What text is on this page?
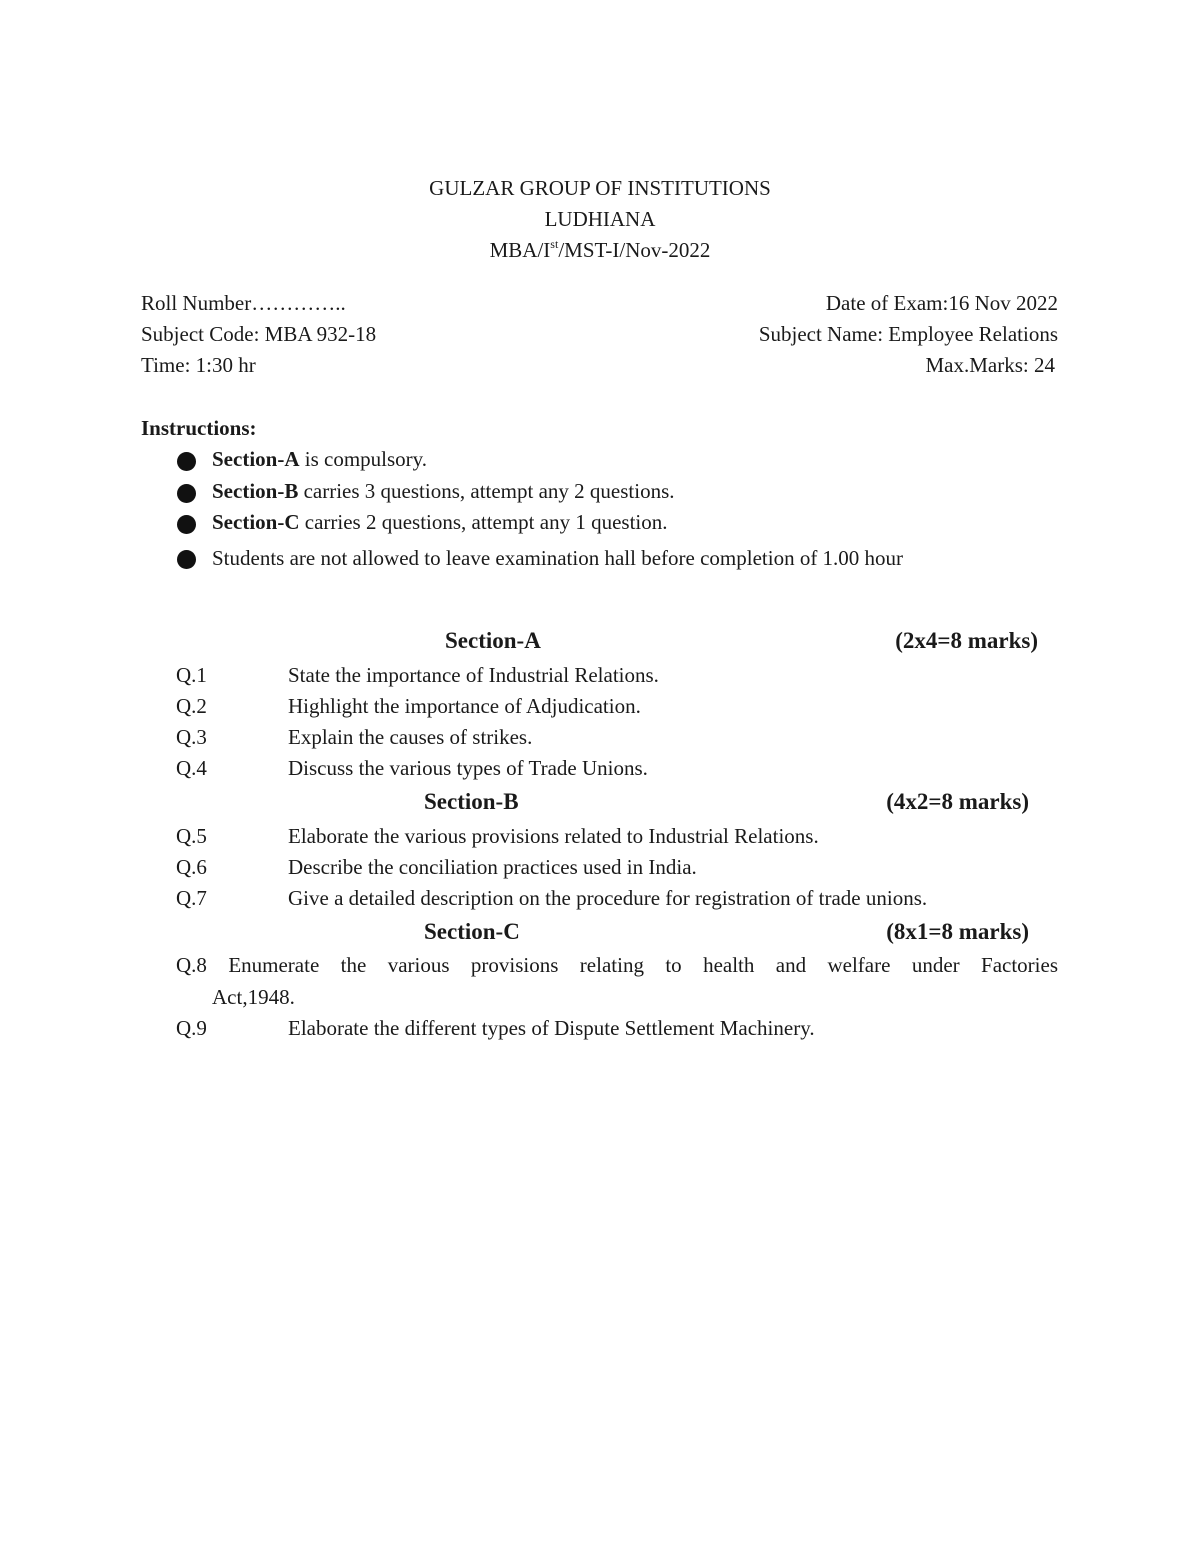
GULZAR GROUP OF INSTITUTIONS
LUDHIANA
MBA/Ist/MST-I/Nov-2022
Roll Number…………..	Date of Exam:16 Nov 2022
Subject Code: MBA 932-18	Subject Name: Employee Relations
Time: 1:30 hr	Max.Marks: 24
Instructions:
Section-A is compulsory.
Section-B carries 3 questions, attempt any 2 questions.
Section-C carries 2 questions, attempt any 1 question.
Students are not allowed to leave examination hall before completion of 1.00 hour
Section-A	(2x4=8 marks)
Q.1	State the importance of Industrial Relations.
Q.2	Highlight the importance of Adjudication.
Q.3	Explain the causes of strikes.
Q.4	Discuss the various types of Trade Unions.
Section-B	(4x2=8 marks)
Q.5	Elaborate the various provisions related to Industrial Relations.
Q.6	Describe the conciliation practices used in India.
Q.7	Give a detailed description on the procedure for registration of trade unions.
Section-C	(8x1=8 marks)
Q.8 Enumerate the various provisions relating to health and welfare under Factories
Act,1948.
Q.9	Elaborate the different types of Dispute Settlement Machinery.
